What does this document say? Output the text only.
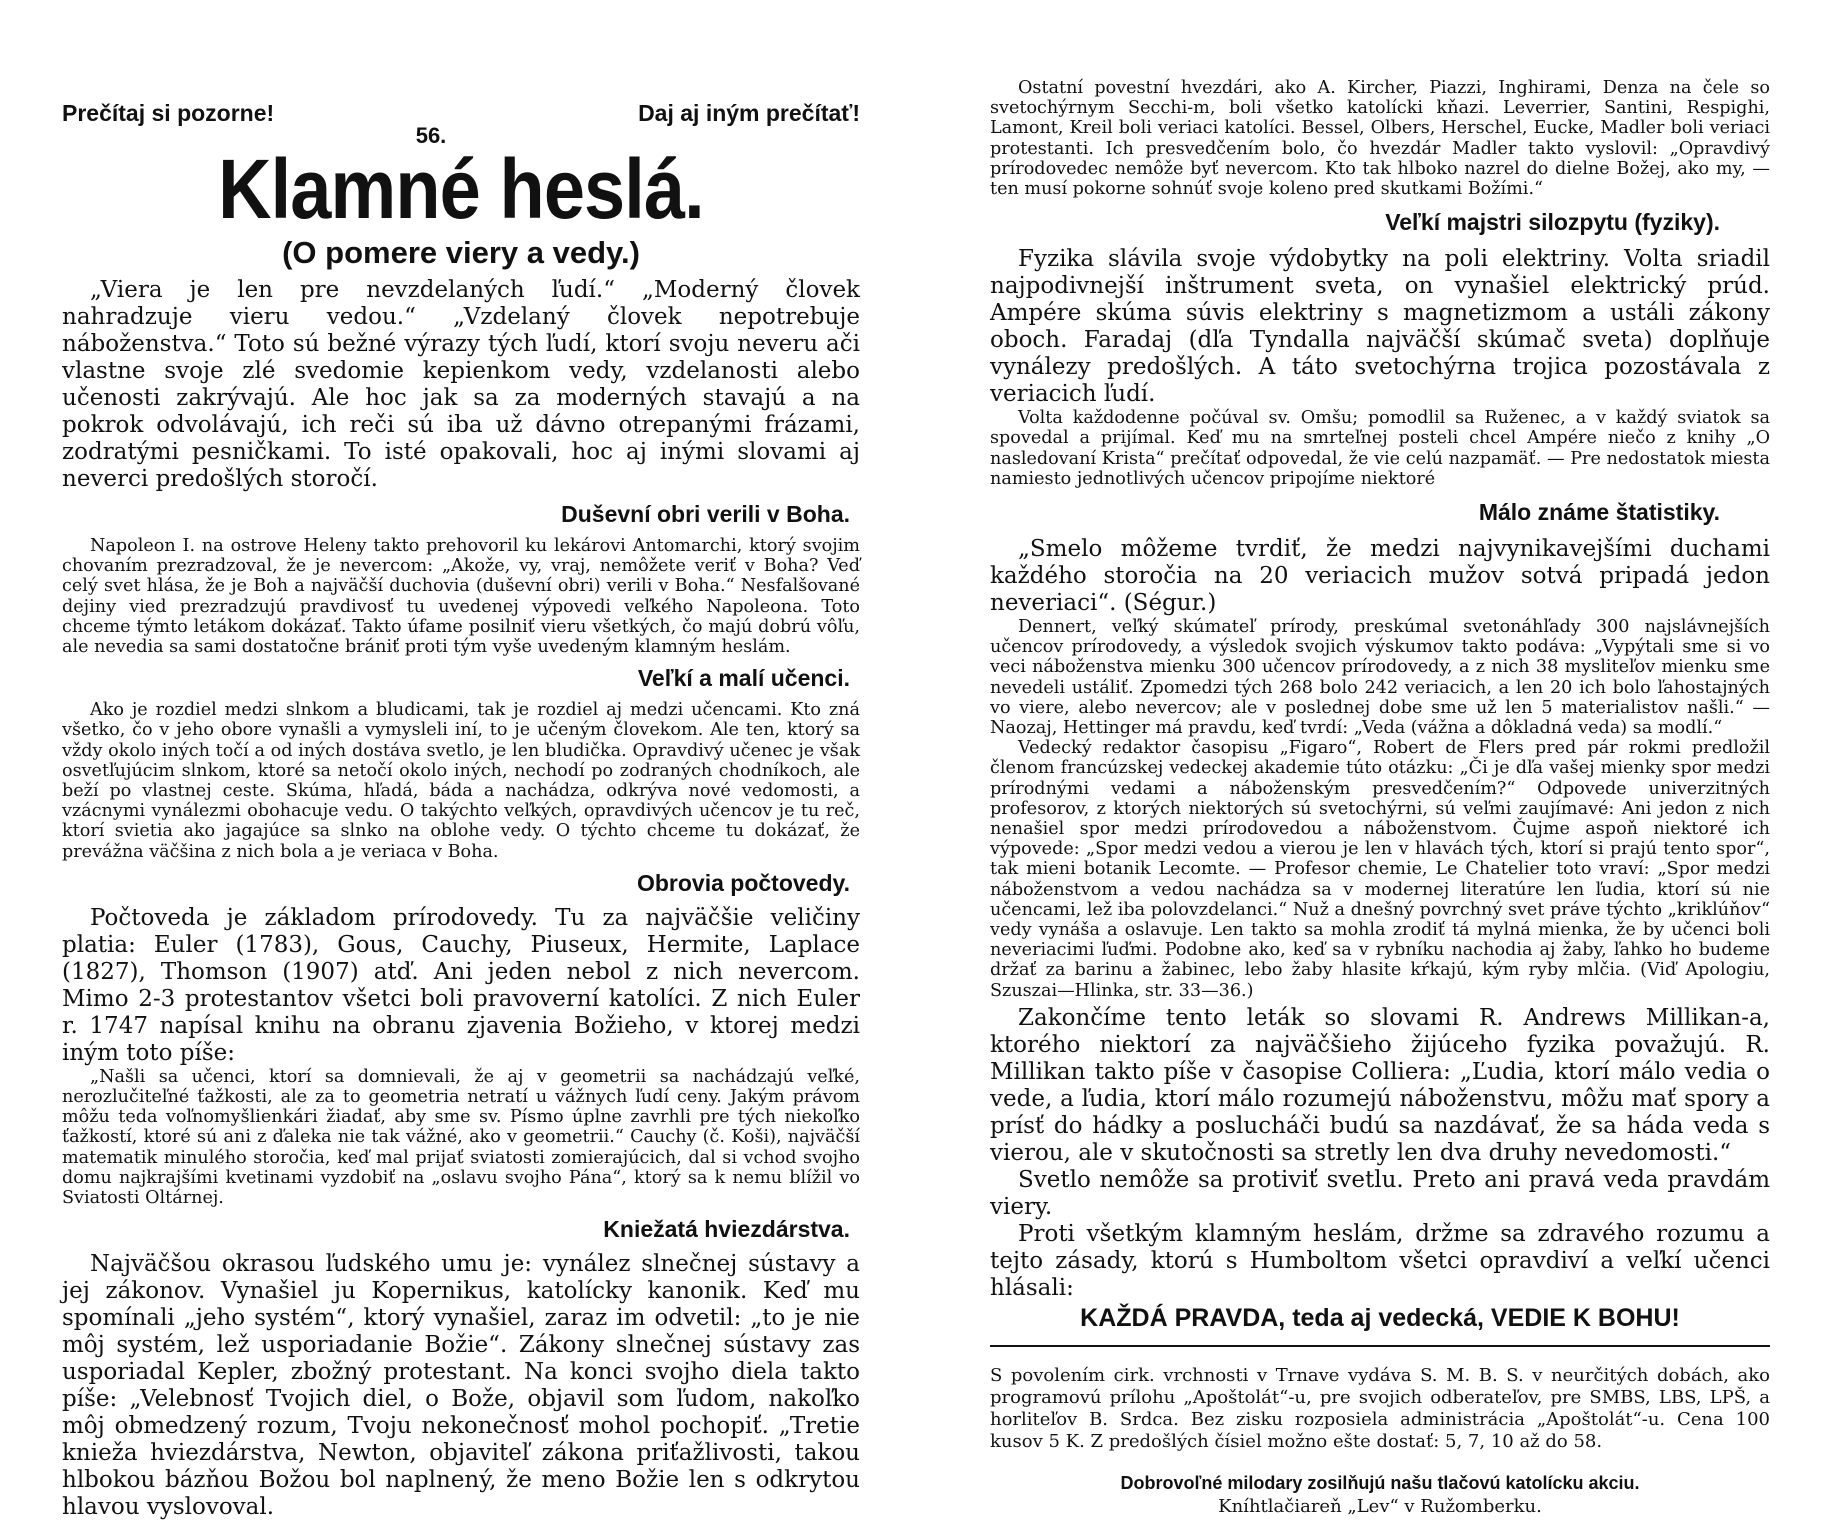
Prečítaj si pozorne!	Daj aj iným prečítať!
56.
Klamné heslá.
(O pomere viery a vedy.)

„Viera je len pre nevzdelaných ľudí.“ „Moderný človek nahradzuje vieru vedou.“ „Vzdelaný človek nepotrebuje náboženstva.“ Toto sú bežné výrazy tých ľudí, ktorí svoju neveru ači vlastne svoje zlé svedomie kepienkom vedy, vzdelanosti alebo učenosti zakrývajú. Ale hoc jak sa za moderných stavajú a na pokrok odvolávajú, ich reči sú iba už dávno otrepanými frázami, zodratými pesničkami. To isté opakovali, hoc aj inými slovami aj neverci predošlých storočí.

Duševní obri verili v Boha.

Napoleon I. na ostrove Heleny takto prehovoril ku lekárovi Antomarchi, ktorý svojim chovaním prezradzoval, že je nevercom: „Akože, vy, vraj, nemôžete veriť v Boha? Veď celý svet hlása, že je Boh a najväčší duchovia (duševní obri) verili v Boha.“ Nesfalšované dejiny vied prezradzujú pravdivosť tu uvedenej výpovedi veľkého Napoleona. Toto chceme týmto letákom dokázať. Takto úfame posilniť vieru všetkých, čo majú dobrú vôľu, ale nevedia sa sami dostatočne brániť proti tým vyše uvedeným klamným heslám.

Veľkí a malí učenci.

Ako je rozdiel medzi slnkom a bludicami, tak je rozdiel aj medzi učencami. Kto zná všetko, čo v jeho obore vynašli a vymysleli iní, to je učeným človekom. Ale ten, ktorý sa vždy okolo iných točí a od iných dostáva svetlo, je len bludička. Opravdivý učenec je však osvetľujúcim slnkom, ktoré sa netočí okolo iných, nechodí po zodraných chodníkoch, ale beží po vlastnej ceste. Skúma, hľadá, báda a nachádza, odkrýva nové vedomosti, a vzácnymi vynálezmi obohacuje vedu. O takýchto veľkých, opravdivých učencov je tu reč, ktorí svietia ako jagajúce sa slnko na oblohe vedy. O týchto chceme tu dokázať, že prevážna väčšina z nich bola a je veriaca v Boha.

Obrovia počtovedy.

Počtoveda je základom prírodovedy. Tu za najväčšie veličiny platia: Euler (1783), Gous, Cauchy, Piuseux, Hermite, Laplace (1827), Thomson (1907) atď. Ani jeden nebol z nich nevercom. Mimo 2-3 protestantov všetci boli pravoverní katolíci. Z nich Euler r. 1747 napísal knihu na obranu zjavenia Božieho, v ktorej medzi iným toto píše:

„Našli sa učenci, ktorí sa domnievali, že aj v geometrii sa nachádzajú veľké, nerozlučiteľné ťažkosti, ale za to geometria netratí u vážnych ľudí ceny. Jakým právom môžu teda voľnomyšlienkári žiadať, aby sme sv. Písmo úplne zavrhli pre tých niekoľko ťažkostí, ktoré sú ani z ďaleka nie tak vážné, ako v geometrii.“ Cauchy (č. Koši), najväčší matematik minulého storočia, keď mal prijať sviatosti zomierajúcich, dal si vchod svojho domu najkrajšími kvetinami vyzdobiť na „oslavu svojho Pána“, ktorý sa k nemu blížil vo Sviatosti Oltárnej.

Kniežatá hviezdárstva.

Najväčšou okrasou ľudského umu je: vynález slnečnej sústavy a jej zákonov. Vynašiel ju Kopernikus, katolícky kanonik. Keď mu spomínali „jeho systém“, ktorý vynašiel, zaraz im odvetil: „to je nie môj systém, lež usporiadanie Božie“. Zákony slnečnej sústavy zas usporiadal Kepler, zbožný protestant. Na konci svojho diela takto píše: „Velebnosť Tvojich diel, o Bože, objavil som ľudom, nakoľko môj obmedzený rozum, Tvoju nekonečnosť mohol pochopiť. „Tretie knieža hviezdárstva, Newton, objaviteľ zákona priťažlivosti, takou hlbokou bázňou Božou bol naplnený, že meno Božie len s odkrytou hlavou vyslovoval.

Ostatní povestní hvezdári, ako A. Kircher, Piazzi, Inghirami, Denza na čele so svetochýrnym Secchi-m, boli všetko katolícki kňazi. Leverrier, Santini, Respighi, Lamont, Kreil boli veriaci katolíci. Bessel, Olbers, Herschel, Eucke, Madler boli veriaci protestanti. Ich presvedčením bolo, čo hvezdár Madler takto vyslovil: „Opravdivý prírodovedec nemôže byť nevercom. Kto tak hlboko nazrel do dielne Božej, ako my, — ten musí pokorne sohnúť svoje koleno pred skutkami Božími.“

Veľkí majstri silozpytu (fyziky).

Fyzika slávila svoje výdobytky na poli elektriny. Volta sriadil najpodivnejší inštrument sveta, on vynašiel elektrický prúd. Ampére skúma súvis elektriny s magnetizmom a ustáli zákony oboch. Faradaj (dľa Tyndalla najväčší skúmač sveta) doplňuje vynálezy predošlých. A táto svetochýrna trojica pozostávala z veriacich ľudí.

Volta každodenne počúval sv. Omšu; pomodlil sa Ruženec, a v každý sviatok sa spovedal a prijímal. Keď mu na smrteľnej posteli chcel Ampére niečo z knihy „O nasledovaní Krista“ prečítať odpovedal, že vie celú nazpamäť. — Pre nedostatok miesta namiesto jednotlivých učencov pripojíme niektoré

Málo známe štatistiky.

„Smelo môžeme tvrdiť, že medzi najvynikavejšími duchami každého storočia na 20 veriacich mužov sotvá pripadá jedon neveriaci“. (Ségur.)

Dennert, veľký skúmateľ prírody, preskúmal svetonáhľady 300 najslávnejších učencov prírodovedy, a výsledok svojich výskumov takto podáva: „Vypýtali sme si vo veci náboženstva mienku 300 učencov prírodovedy, a z nich 38 mysliteľov mienku sme nevedeli ustáliť. Zpomedzi tých 268 bolo 242 veriacich, a len 20 ich bolo ľahostajných vo viere, alebo nevercov; ale v poslednej dobe sme už len 5 materialistov našli.“ — Naozaj, Hettinger má pravdu, keď tvrdí: „Veda (vážna a dôkladná veda) sa modlí.“

Vedecký redaktor časopisu „Figaro“, Robert de Flers pred pár rokmi predložil členom francúzskej vedeckej akademie túto otázku: „Či je dľa vašej mienky spor medzi prírodnými vedami a náboženským presvedčením?“ Odpovede univerzitných profesorov, z ktorých niektorých sú svetochýrni, sú veľmi zaujímavé: Ani jedon z nich nenašiel spor medzi prírodovedou a náboženstvom. Čujme aspoň niektoré ich výpovede: „Spor medzi vedou a vierou je len v hlavách tých, ktorí si prajú tento spor“, tak mieni botanik Lecomte. — Profesor chemie, Le Chatelier toto vraví: „Spor medzi náboženstvom a vedou nachádza sa v modernej literatúre len ľudia, ktorí sú nie učencami, lež iba polovzdelanci.“ Nuž a dnešný povrchný svet práve týchto „kriklúňov“ vedy vynáša a oslavuje. Len takto sa mohla zrodiť tá mylná mienka, že by učenci boli neveriacimi ľuďmi. Podobne ako, keď sa v rybníku nachodia aj žaby, ľahko ho budeme držať za barinu a žabinec, lebo žaby hlasite kŕkajú, kým ryby mlčia. (Viď Apologiu, Szuszai—Hlinka, str. 33—36.)

Zakončíme tento leták so slovami R. Andrews Millikan-a, ktorého niektorí za najväčšieho žijúceho fyzika považujú. R. Millikan takto píše v časopise Colliera: „Ľudia, ktorí málo vedia o vede, a ľudia, ktorí málo rozumejú náboženstvu, môžu mať spory a prísť do hádky a poslucháči budú sa nazdávať, že sa háda veda s vierou, ale v skutočnosti sa stretly len dva druhy nevedomosti.“

Svetlo nemôže sa protiviť svetlu. Preto ani pravá veda pravdám viery.

Proti všetkým klamným heslám, držme sa zdravého rozumu a tejto zásady, ktorú s Humboltom všetci opravdiví a veľkí učenci hlásali:

KAŽDÁ PRAVDA, teda aj vedecká, VEDIE K BOHU!

S povolením cirk. vrchnosti v Trnave vydáva S. M. B. S. v neurčitých dobách, ako programovú prílohu „Apoštolát“-u, pre svojich odberateľov, pre SMBS, LBS, LPŠ, a horliteľov B. Srdca. Bez zisku rozposiela administrácia „Apoštolát“-u. Cena 100 kusov 5 K. Z predošlých čísiel možno ešte dostať: 5, 7, 10 až do 58.

Dobrovoľné milodary zosilňujú našu tlačovú katolícku akciu.
Kníhtlačiareň „Lev“ v Ružomberku.
